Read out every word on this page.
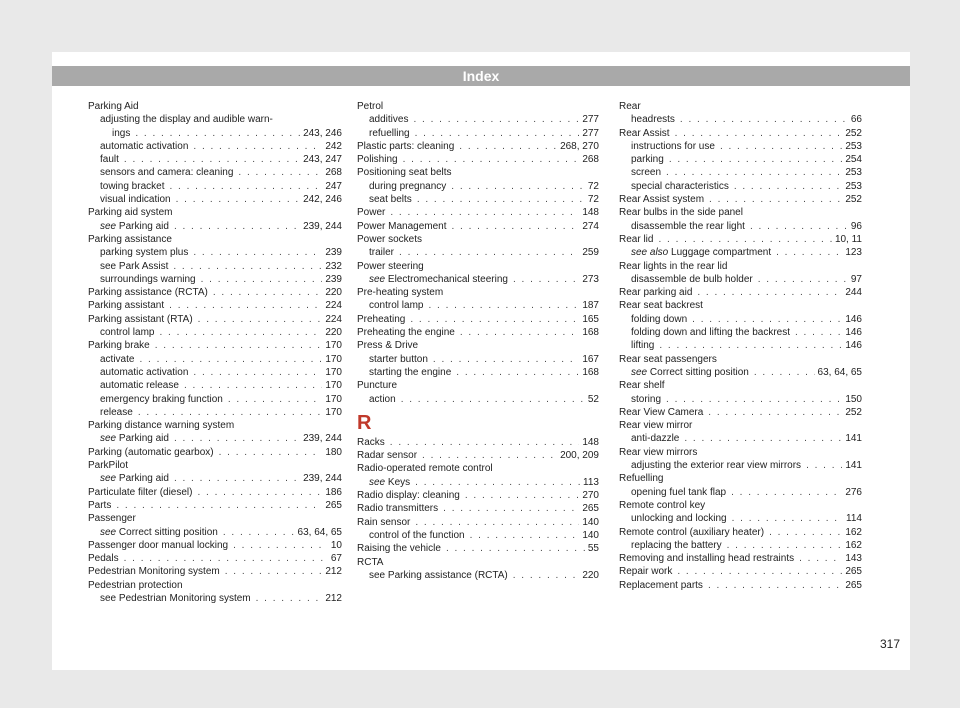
Index
Parking Aid
adjusting the display and audible warn-
ings . . .	243, 246
automatic activation . . .	242
fault . . .	243, 247
sensors and camera: cleaning . . .	268
towing bracket . . .	247
visual indication . . .	242, 246
Parking aid system
see Parking aid . . .	239, 244
Parking assistance
parking system plus . . .	239
see Park Assist . . .	232
surroundings warning . . .	239
Parking assistance (RCTA) . . .	220
Parking assistant . . .	224
Parking assistant (RTA) . . .	224
control lamp . . .	220
Parking brake . . .	170
activate . . .	170
automatic activation . . .	170
automatic release . . .	170
emergency braking function . . .	170
release . . .	170
Parking distance warning system
see Parking aid . . .	239, 244
Parking (automatic gearbox) . . .	180
ParkPilot
see Parking aid . . .	239, 244
Particulate filter (diesel) . . .	186
Parts . . .	265
Passenger
see Correct sitting position . . .	63, 64, 65
Passenger door manual locking . . .	10
Pedals . . .	67
Pedestrian Monitoring system . . .	212
Pedestrian protection
see Pedestrian Monitoring system . . .	212
Petrol
additives . . .	277
refuelling . . .	277
Plastic parts: cleaning . . .	268, 270
Polishing . . .	268
Positioning seat belts
during pregnancy . . .	72
seat belts . . .	72
Power . . .	148
Power Management . . .	274
Power sockets
trailer . . .	259
Power steering
see Electromechanical steering . . .	273
Pre-heating system
control lamp . . .	187
Preheating . . .	165
Preheating the engine . . .	168
Press & Drive
starter button . . .	167
starting the engine . . .	168
Puncture
action . . .	52
R
Racks . . .	148
Radar sensor . . .	200, 209
Radio-operated remote control
see Keys . . .	113
Radio display: cleaning . . .	270
Radio transmitters . . .	265
Rain sensor . . .	140
control of the function . . .	140
Raising the vehicle . . .	55
RCTA
see Parking assistance (RCTA) . . .	220
Rear
headrests . . .	66
Rear Assist . . .	252
instructions for use . . .	253
parking . . .	254
screen . . .	253
special characteristics . . .	253
Rear Assist system . . .	252
Rear bulbs in the side panel
disassemble the rear light . . .	96
Rear lid . . .	10, 11
see also Luggage compartment . . .	123
Rear lights in the rear lid
disassemble de bulb holder . . .	97
Rear parking aid . . .	244
Rear seat backrest
folding down . . .	146
folding down and lifting the backrest . . .	146
lifting . . .	146
Rear seat passengers
see Correct sitting position . . .	63, 64, 65
Rear shelf
storing . . .	150
Rear View Camera . . .	252
Rear view mirror
anti-dazzle . . .	141
Rear view mirrors
adjusting the exterior rear view mirrors . . .	141
Refuelling
opening fuel tank flap . . .	276
Remote control key
unlocking and locking . . .	114
Remote control (auxiliary heater) . . .	162
replacing the battery . . .	162
Removing and installing head restraints . . .	143
Repair work . . .	265
Replacement parts . . .	265
317
